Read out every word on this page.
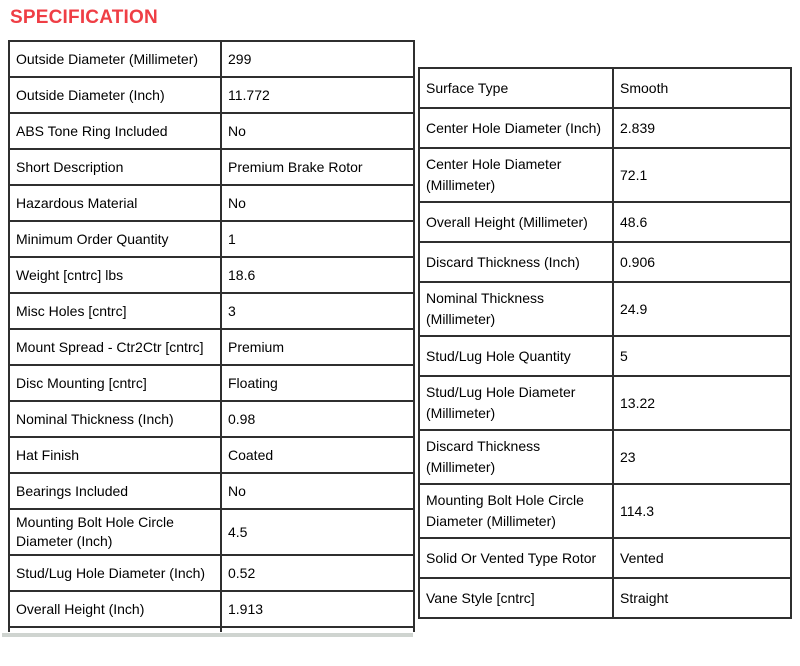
SPECIFICATION
Outside Diameter (Millimeter)	299
Outside Diameter (Inch)	11.772
ABS Tone Ring Included	No
Short Description	Premium Brake Rotor
Hazardous Material	No
Minimum Order Quantity	1
Weight [cntrc] lbs	18.6
Misc Holes [cntrc]	3
Mount Spread - Ctr2Ctr [cntrc]	Premium
Disc Mounting [cntrc]	Floating
Nominal Thickness (Inch)	0.98
Hat Finish	Coated
Bearings Included	No
Mounting Bolt Hole Circle Diameter (Inch)	4.5
Stud/Lug Hole Diameter (Inch)	0.52
Overall Height (Inch)	1.913

Surface Type	Smooth
Center Hole Diameter (Inch)	2.839
Center Hole Diameter (Millimeter)	72.1
Overall Height (Millimeter)	48.6
Discard Thickness (Inch)	0.906
Nominal Thickness (Millimeter)	24.9
Stud/Lug Hole Quantity	5
Stud/Lug Hole Diameter (Millimeter)	13.22
Discard Thickness (Millimeter)	23
Mounting Bolt Hole Circle Diameter (Millimeter)	114.3
Solid Or Vented Type Rotor	Vented
Vane Style [cntrc]	Straight
